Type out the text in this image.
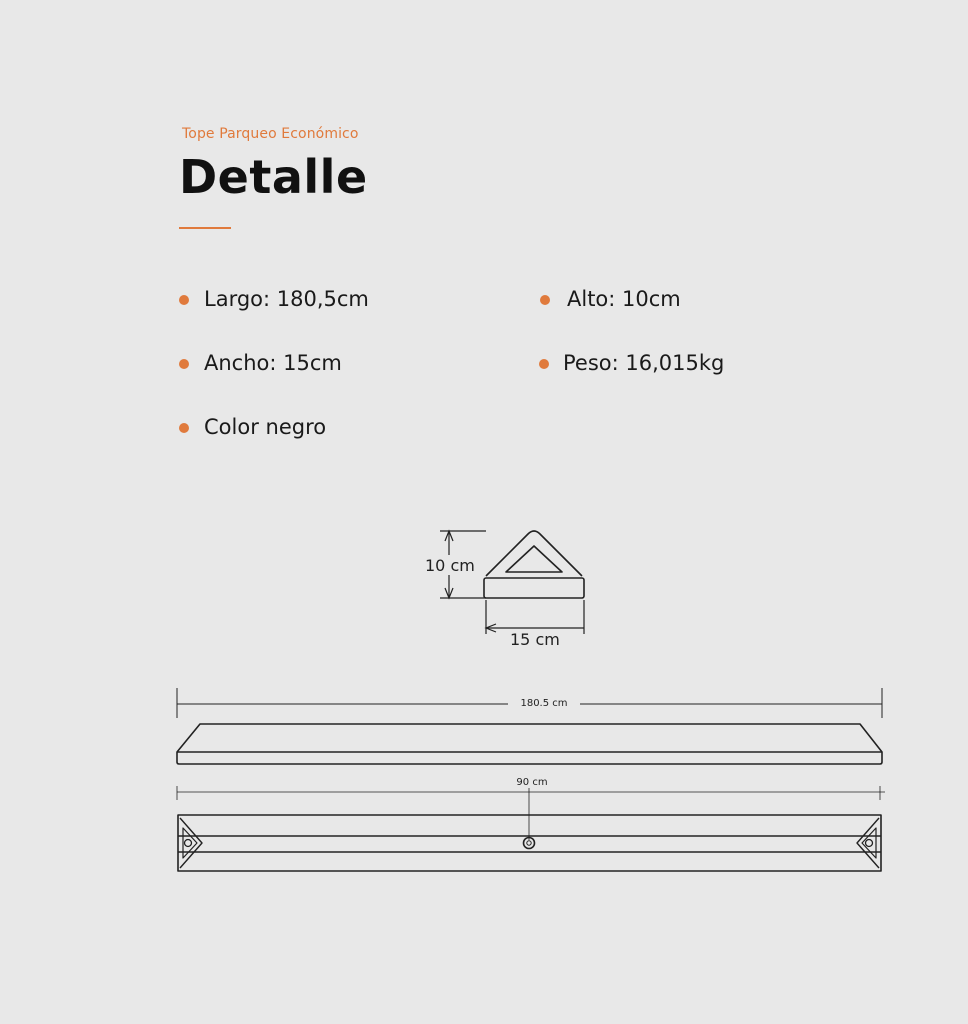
Tope Parqueo Económico
Detalle
Largo: 180,5cm	Alto: 10cm
Ancho: 15cm	Peso: 16,015kg
Color negro
10 cm
15 cm
180.5 cm
90 cm
